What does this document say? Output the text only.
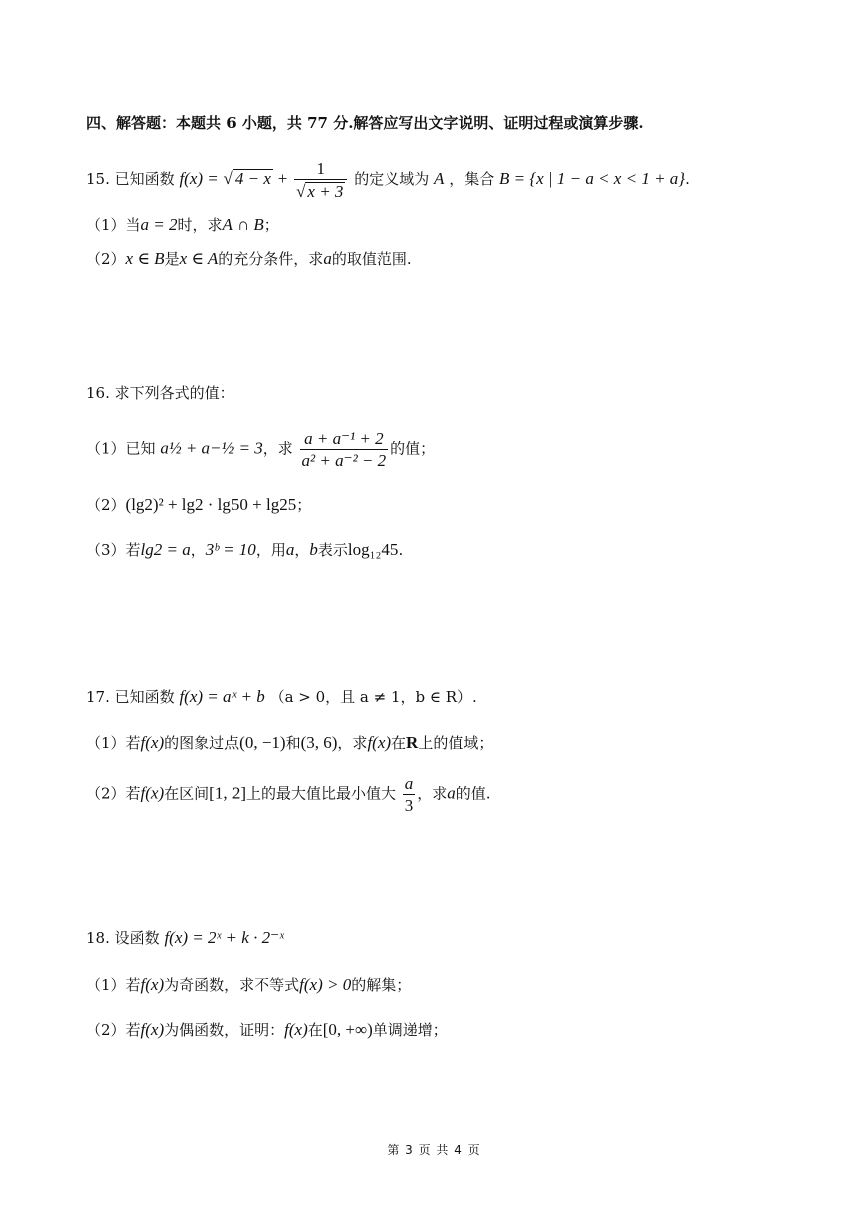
四、解答题：本题共 6 小题，共 77 分.解答应写出文字说明、证明过程或演算步骤.
15. 已知函数 f(x) = √ $4 - x + \frac{1}{√ x + 3}$ 的定义域为 A ，集合 B = {x | 1 − a < x < 1 + a}.
（1）当a = 2时，求A ∩ B；
（2）x ∈ B是x ∈ A的充分条件，求a的取值范围.
16. 求下列各式的值：
（1）已知 a½ + a−½ = 3，求 $\frac{\text{a + a⁻¹ + 2}}{\text{a² + a⁻² − 2}}$ 的值；
（2）(lg2)² + lg2 · lg50 + lg25；
（3）若lg2 = a，3ᵇ = 10，用a，b表示log₁₂45.
17. 已知函数 f(x) = aˣ + b （a > 0，且 a ≠ 1，b ∈ R）.
（1）若f(x)的图象过点(0, −1)和(3, 6)，求f(x)在R上的值域；
（2）若f(x)在区间[1, 2]上的最大值比最小值大 $\frac{a}{3}$ ，求a的值.
18. 设函数 f(x) = 2ˣ + k · 2⁻ˣ
（1）若f(x)为奇函数，求不等式f(x) > 0的解集；
（2）若f(x)为偶函数，证明：f(x)在[0, +∞)单调递增；
第 3 页 共 4 页
